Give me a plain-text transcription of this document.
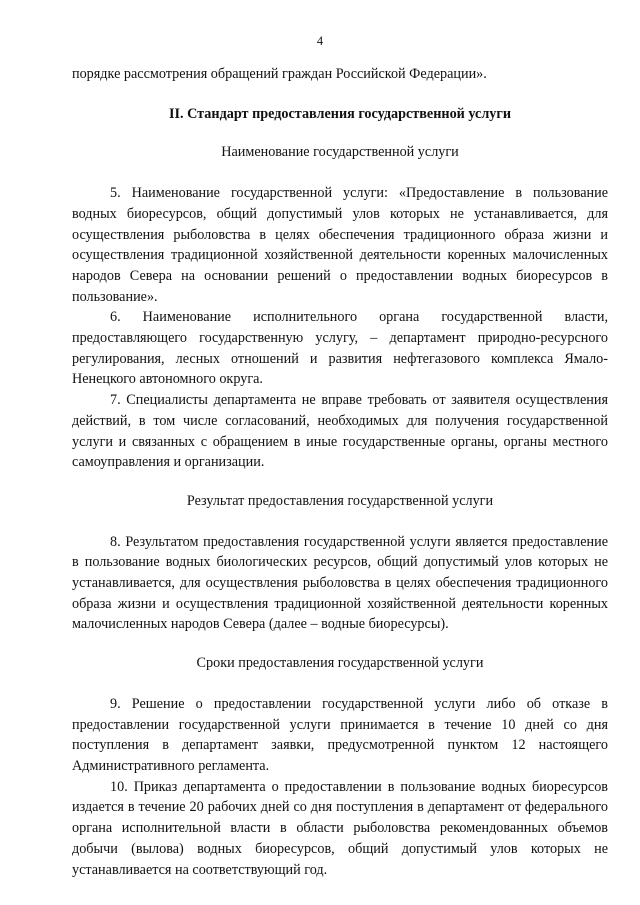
4

порядке рассмотрения обращений граждан Российской Федерации».

II. Стандарт предоставления государственной услуги
Наименование государственной услуги

5. Наименование государственной услуги: «Предоставление в пользование водных биоресурсов, общий допустимый улов которых не устанавливается, для осуществления рыболовства в целях обеспечения традиционного образа жизни и осуществления традиционной хозяйственной деятельности коренных малочисленных народов Севера на основании решений о предоставлении водных биоресурсов в пользование».

6. Наименование исполнительного органа государственной власти, предоставляющего государственную услугу, – департамент природно-ресурсного регулирования, лесных отношений и развития нефтегазового комплекса Ямало-Ненецкого автономного округа.

7. Специалисты департамента не вправе требовать от заявителя осуществления действий, в том числе согласований, необходимых для получения государственной услуги и связанных с обращением в иные государственные органы, органы местного самоуправления и организации.

Результат предоставления государственной услуги

8. Результатом предоставления государственной услуги является предоставление в пользование водных биологических ресурсов, общий допустимый улов которых не устанавливается, для осуществления рыболовства в целях обеспечения традиционного образа жизни и осуществления традиционной хозяйственной деятельности коренных малочисленных народов Севера (далее – водные биоресурсы).

Сроки предоставления государственной услуги

9. Решение о предоставлении государственной услуги либо об отказе в предоставлении государственной услуги принимается в течение 10 дней со дня поступления в департамент заявки, предусмотренной пунктом 12 настоящего Административного регламента.

10. Приказ департамента о предоставлении в пользование водных биоресурсов издается в течение 20 рабочих дней со дня поступления в департамент от федерального органа исполнительной власти в области рыболовства рекомендованных объемов добычи (вылова) водных биоресурсов, общий допустимый улов которых не устанавливается на соответствующий год.
